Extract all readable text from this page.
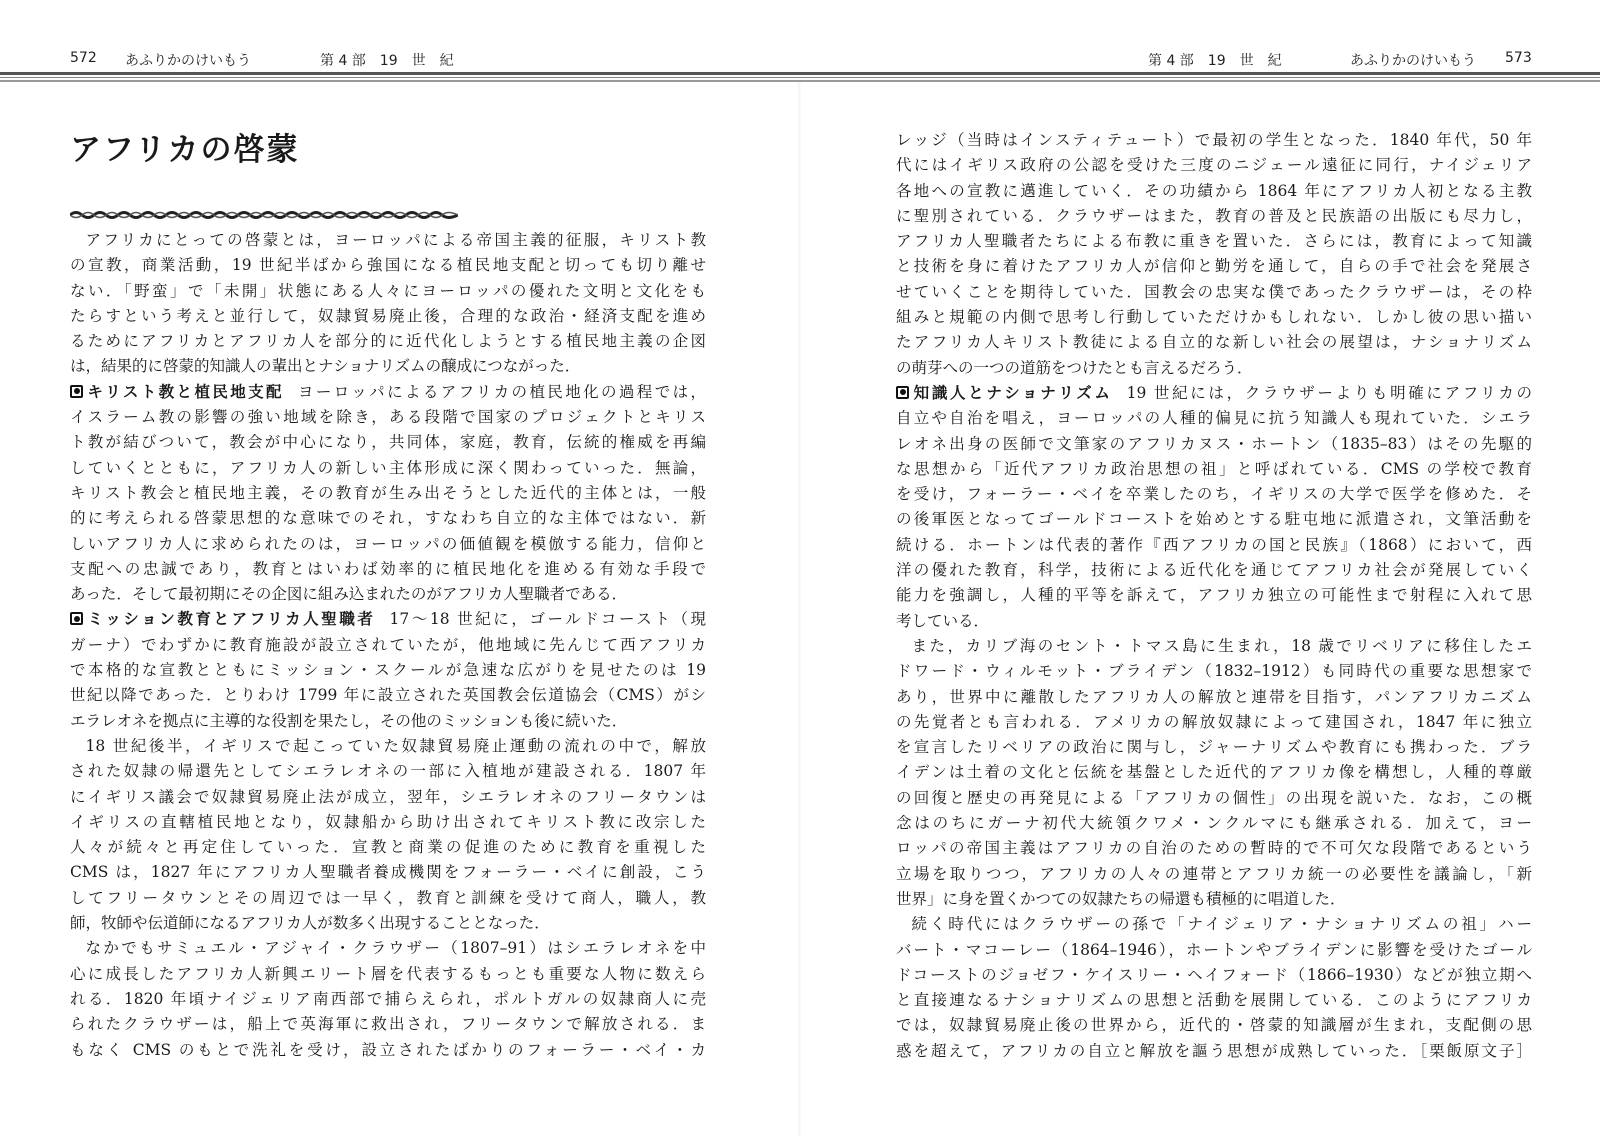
572 あふりかのけいもう	第 4 部　19　世　紀	第 4 部　19　世　紀	あふりかのけいもう 573
アフリカの啓蒙
アフリカにとっての啓蒙とは，ヨーロッパによる帝国主義的征服，キリスト教
の宣教，商業活動，19 世紀半ばから強国になる植民地支配と切っても切り離せ
ない．「野蛮」で「未開」状態にある人々にヨーロッパの優れた文明と文化をも
たらすという考えと並行して，奴隷貿易廃止後，合理的な政治・経済支配を進め
るためにアフリカとアフリカ人を部分的に近代化しようとする植民地主義の企図
は，結果的に啓蒙的知識人の輩出とナショナリズムの醸成につながった．
キリスト教と植民地支配 ヨーロッパによるアフリカの植民地化の過程では，
イスラーム教の影響の強い地域を除き，ある段階で国家のプロジェクトとキリス
ト教が結びついて，教会が中心になり，共同体，家庭，教育，伝統的権威を再編
していくとともに，アフリカ人の新しい主体形成に深く関わっていった．無論，
キリスト教会と植民地主義，その教育が生み出そうとした近代的主体とは，一般
的に考えられる啓蒙思想的な意味でのそれ，すなわち自立的な主体ではない．新
しいアフリカ人に求められたのは，ヨーロッパの価値観を模倣する能力，信仰と
支配への忠誠であり，教育とはいわば効率的に植民地化を進める有効な手段で
あった．そして最初期にその企図に組み込まれたのがアフリカ人聖職者である．
ミッション教育とアフリカ人聖職者 17～18 世紀に，ゴールドコースト（現
ガーナ）でわずかに教育施設が設立されていたが，他地域に先んじて西アフリカ
で本格的な宣教とともにミッション・スクールが急速な広がりを見せたのは 19
世紀以降であった．とりわけ 1799 年に設立された英国教会伝道協会（CMS）がシ
エラレオネを拠点に主導的な役割を果たし，その他のミッションも後に続いた．
18 世紀後半，イギリスで起こっていた奴隷貿易廃止運動の流れの中で，解放
された奴隷の帰還先としてシエラレオネの一部に入植地が建設される．1807 年
にイギリス議会で奴隷貿易廃止法が成立，翌年，シエラレオネのフリータウンは
イギリスの直轄植民地となり，奴隷船から助け出されてキリスト教に改宗した
人々が続々と再定住していった．宣教と商業の促進のために教育を重視した
CMS は，1827 年にアフリカ人聖職者養成機関をフォーラー・ベイに創設，こう
してフリータウンとその周辺では一早く，教育と訓練を受けて商人，職人，教
師，牧師や伝道師になるアフリカ人が数多く出現することとなった．
なかでもサミュエル・アジャイ・クラウザー（1807–91）はシエラレオネを中
心に成長したアフリカ人新興エリート層を代表するもっとも重要な人物に数えら
れる．1820 年頃ナイジェリア南西部で捕らえられ，ポルトガルの奴隷商人に売
られたクラウザーは，船上で英海軍に救出され，フリータウンで解放される．ま
もなく CMS のもとで洗礼を受け，設立されたばかりのフォーラー・ベイ・カ
レッジ（当時はインスティテュート）で最初の学生となった．1840 年代，50 年
代にはイギリス政府の公認を受けた三度のニジェール遠征に同行，ナイジェリア
各地への宣教に邁進していく．その功績から 1864 年にアフリカ人初となる主教
に聖別されている．クラウザーはまた，教育の普及と民族語の出版にも尽力し，
アフリカ人聖職者たちによる布教に重きを置いた．さらには，教育によって知識
と技術を身に着けたアフリカ人が信仰と勤労を通して，自らの手で社会を発展さ
せていくことを期待していた．国教会の忠実な僕であったクラウザーは，その枠
組みと規範の内側で思考し行動していただけかもしれない．しかし彼の思い描い
たアフリカ人キリスト教徒による自立的な新しい社会の展望は，ナショナリズム
の萌芽への一つの道筋をつけたとも言えるだろう．
知識人とナショナリズム 19 世紀には，クラウザーよりも明確にアフリカの
自立や自治を唱え，ヨーロッパの人種的偏見に抗う知識人も現れていた．シエラ
レオネ出身の医師で文筆家のアフリカヌス・ホートン（1835–83）はその先駆的
な思想から「近代アフリカ政治思想の祖」と呼ばれている．CMS の学校で教育
を受け，フォーラー・ベイを卒業したのち，イギリスの大学で医学を修めた．そ
の後軍医となってゴールドコーストを始めとする駐屯地に派遣され，文筆活動を
続ける．ホートンは代表的著作『西アフリカの国と民族』（1868）において，西
洋の優れた教育，科学，技術による近代化を通じてアフリカ社会が発展していく
能力を強調し，人種的平等を訴えて，アフリカ独立の可能性まで射程に入れて思
考している．
また，カリブ海のセント・トマス島に生まれ，18 歳でリベリアに移住したエ
ドワード・ウィルモット・ブライデン（1832–1912）も同時代の重要な思想家で
あり，世界中に離散したアフリカ人の解放と連帯を目指す，パンアフリカニズム
の先覚者とも言われる．アメリカの解放奴隷によって建国され，1847 年に独立
を宣言したリベリアの政治に関与し，ジャーナリズムや教育にも携わった．ブラ
イデンは土着の文化と伝統を基盤とした近代的アフリカ像を構想し，人種的尊厳
の回復と歴史の再発見による「アフリカの個性」の出現を説いた．なお，この概
念はのちにガーナ初代大統領クワメ・ンクルマにも継承される．加えて，ヨー
ロッパの帝国主義はアフリカの自治のための暫時的で不可欠な段階であるという
立場を取りつつ，アフリカの人々の連帯とアフリカ統一の必要性を議論し，「新
世界」に身を置くかつての奴隷たちの帰還も積極的に唱道した．
続く時代にはクラウザーの孫で「ナイジェリア・ナショナリズムの祖」ハー
バート・マコーレー（1864–1946），ホートンやブライデンに影響を受けたゴール
ドコーストのジョゼフ・ケイスリー・ヘイフォード（1866–1930）などが独立期へ
と直接連なるナショナリズムの思想と活動を展開している．このようにアフリカ
では，奴隷貿易廃止後の世界から，近代的・啓蒙的知識層が生まれ，支配側の思
惑を超えて，アフリカの自立と解放を謳う思想が成熟していった．［栗飯原文子］
